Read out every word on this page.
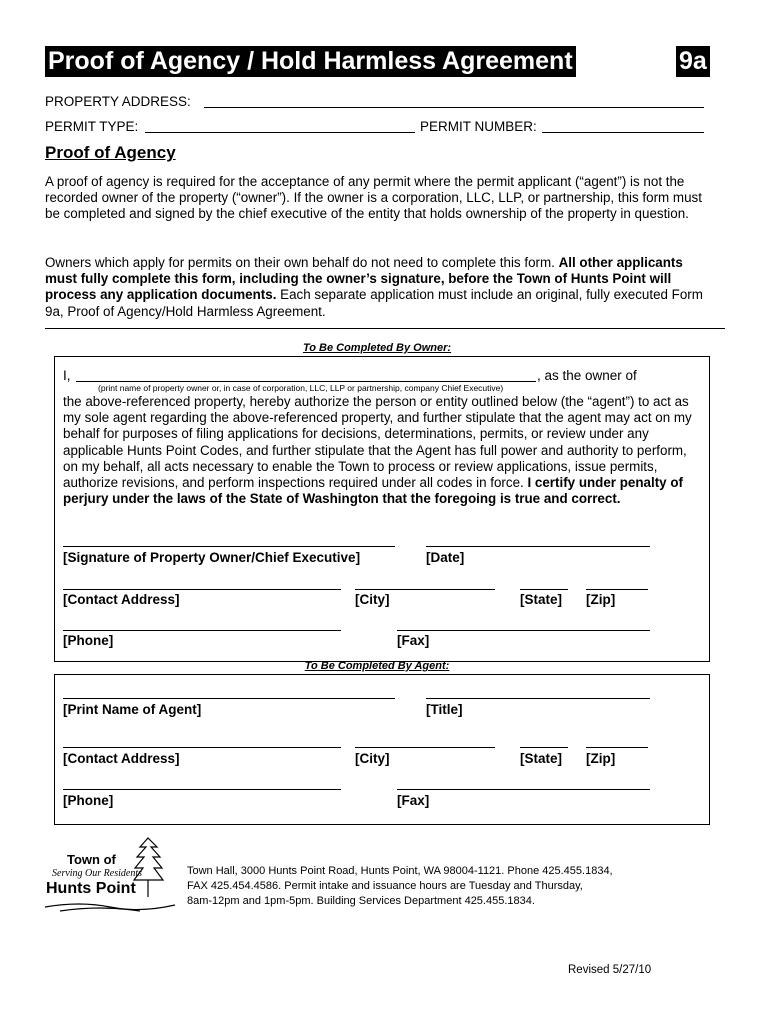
Proof of Agency / Hold Harmless Agreement	9a
PROPERTY ADDRESS:
PERMIT TYPE:	PERMIT NUMBER:
Proof of Agency
A proof of agency is required for the acceptance of any permit where the permit applicant (“agent”) is not the recorded owner of the property (“owner”). If the owner is a corporation, LLC, LLP, or partnership, this form must be completed and signed by the chief executive of the entity that holds ownership of the property in question.
Owners which apply for permits on their own behalf do not need to complete this form. All other applicants must fully complete this form, including the owner’s signature, before the Town of Hunts Point will process any application documents. Each separate application must include an original, fully executed Form 9a, Proof of Agency/Hold Harmless Agreement.
To Be Completed By Owner:
I,	, as the owner of
(print name of property owner or, in case of corporation, LLC, LLP or partnership, company Chief Executive)
the above-referenced property, hereby authorize the person or entity outlined below (the “agent”) to act as my sole agent regarding the above-referenced property, and further stipulate that the agent may act on my behalf for purposes of filing applications for decisions, determinations, permits, or review under any applicable Hunts Point Codes, and further stipulate that the Agent has full power and authority to perform, on my behalf, all acts necessary to enable the Town to process or review applications, issue permits, authorize revisions, and perform inspections required under all codes in force. I certify under penalty of perjury under the laws of the State of Washington that the foregoing is true and correct.
[Signature of Property Owner/Chief Executive]	[Date]
[Contact Address]	[City]	[State] [Zip]
[Phone]	[Fax]
To Be Completed By Agent:
[Print Name of Agent]	[Title]
[Contact Address]	[City]	[State] [Zip]
[Phone]	[Fax]
Town of
Serving Our Residents
Hunts Point
Town Hall, 3000 Hunts Point Road, Hunts Point, WA 98004-1121. Phone 425.455.1834,
FAX 425.454.4586. Permit intake and issuance hours are Tuesday and Thursday,
8am-12pm and 1pm-5pm. Building Services Department 425.455.1834.
Revised 5/27/10
